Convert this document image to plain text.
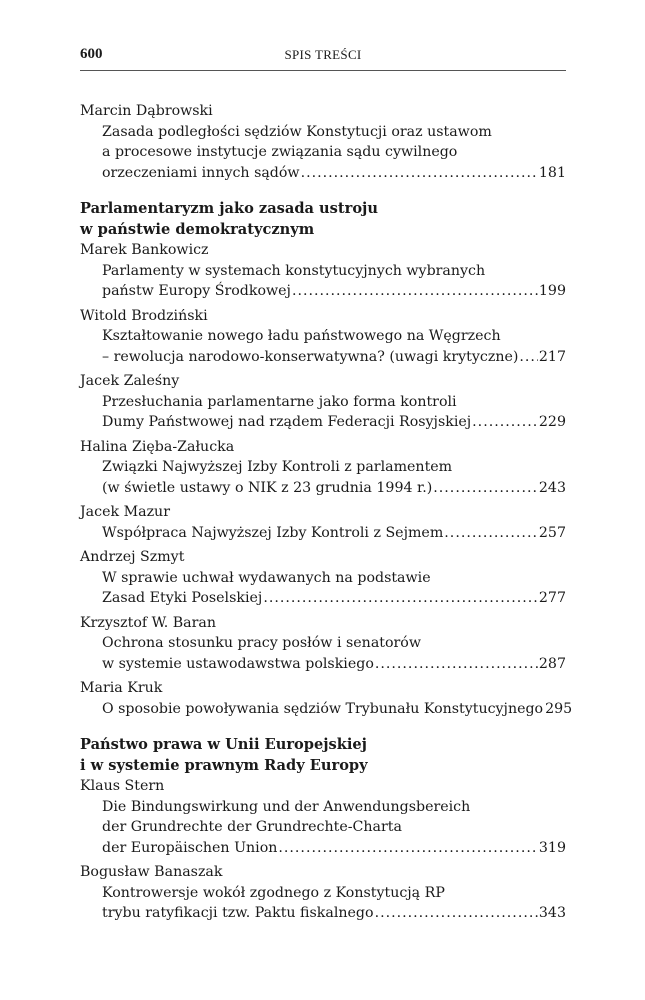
600	SPIS TREŚCI
Marcin Dąbrowski
Zasada podległości sędziów Konstytucji oraz ustawom
a procesowe instytucje związania sądu cywilnego
orzeczeniami innych sądów .....	181
Parlamentaryzm jako zasada ustroju
w państwie demokratycznym
Marek Bankowicz
Parlamenty w systemach konstytucyjnych wybranych
państw Europy Środkowej .....	199
Witold Brodziński
Kształtowanie nowego ładu państwowego na Węgrzech
– rewolucja narodowo-konserwatywna? (uwagi krytyczne) ..... 217
Jacek Zaleśny
Przesłuchania parlamentarne jako forma kontroli
Dumy Państwowej nad rządem Federacji Rosyjskiej .....	229
Halina Zięba-Załucka
Związki Najwyższej Izby Kontroli z parlamentem
(w świetle ustawy o NIK z 23 grudnia 1994 r.) .....	243
Jacek Mazur
Współpraca Najwyższej Izby Kontroli z Sejmem .....	257
Andrzej Szmyt
W sprawie uchwał wydawanych na podstawie
Zasad Etyki Poselskiej .....	277
Krzysztof W. Baran
Ochrona stosunku pracy posłów i senatorów
w systemie ustawodawstwa polskiego .....	287
Maria Kruk
O sposobie powoływania sędziów Trybunału Konstytucyjnego 295
Państwo prawa w Unii Europejskiej
i w systemie prawnym Rady Europy
Klaus Stern
Die Bindungswirkung und der Anwendungsbereich
der Grundrechte der Grundrechte-Charta
der Europäischen Union .....	319
Bogusław Banaszak
Kontrowersje wokół zgodnego z Konstytucją RP
trybu ratyfikacji tzw. Paktu fiskalnego .....	343
